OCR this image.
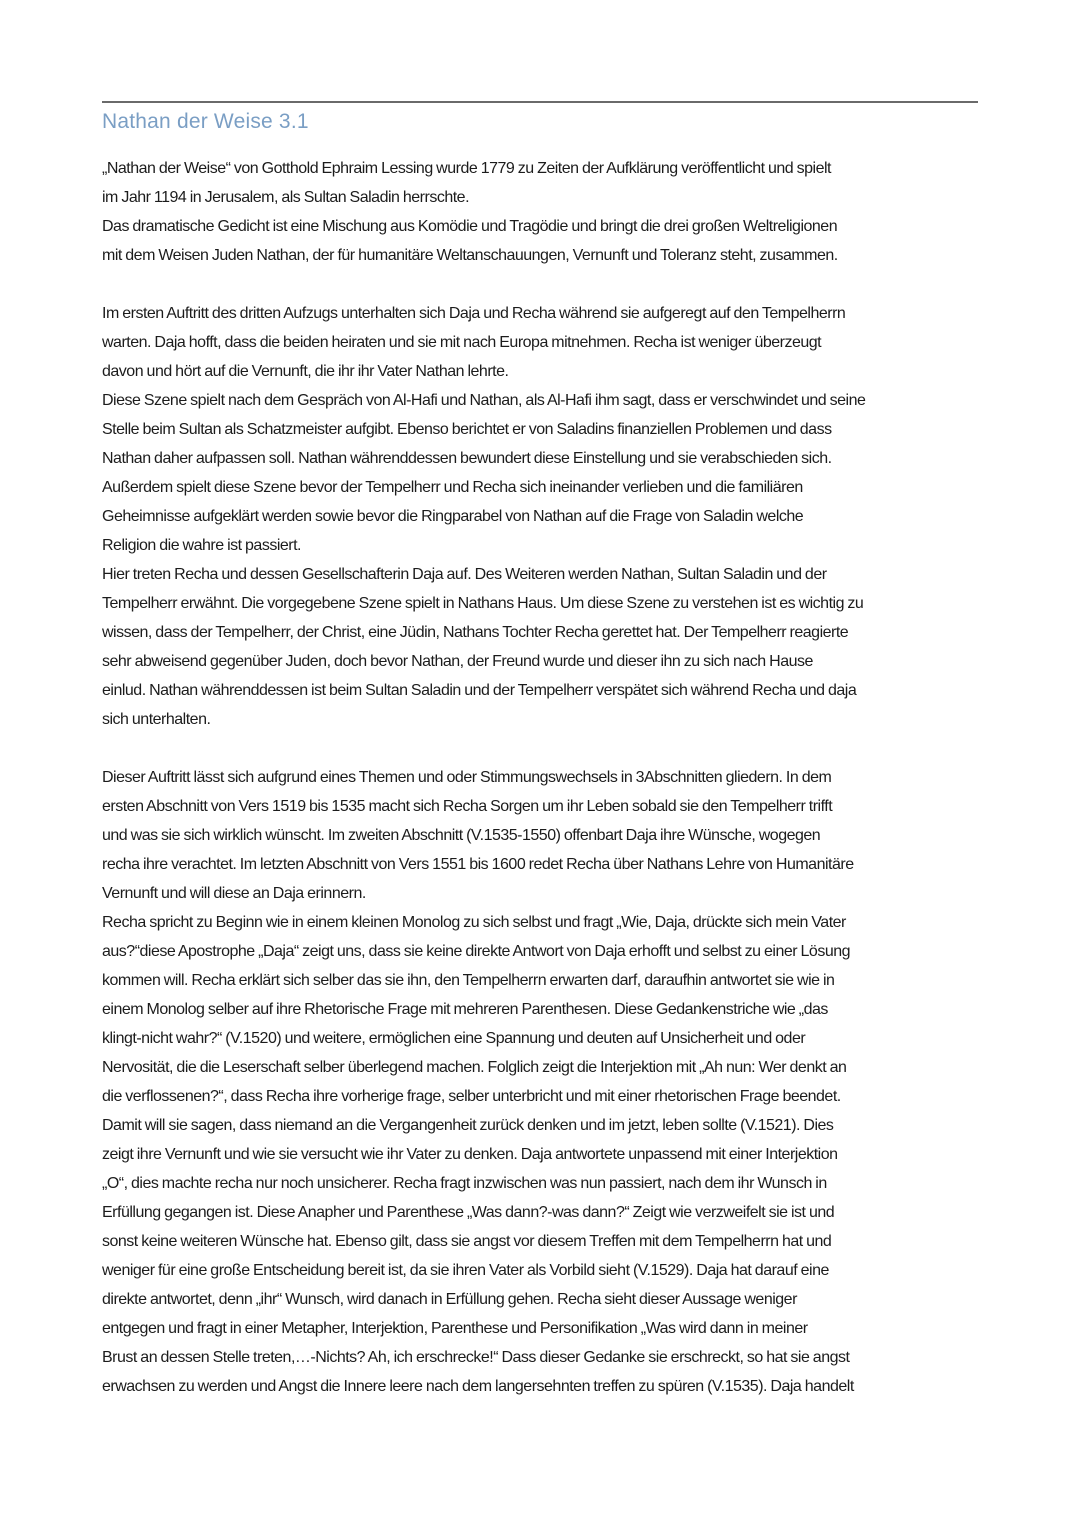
Nathan der Weise 3.1
„Nathan der Weise“ von Gotthold Ephraim Lessing wurde 1779 zu Zeiten der Aufklärung veröffentlicht und spielt
im Jahr 1194 in Jerusalem, als Sultan Saladin herrschte.
Das dramatische Gedicht ist eine Mischung aus Komödie und Tragödie und bringt die drei großen Weltreligionen
mit dem Weisen Juden Nathan, der für humanitäre Weltanschauungen, Vernunft und Toleranz steht, zusammen.
Im ersten Auftritt des dritten Aufzugs unterhalten sich Daja und Recha während sie aufgeregt auf den Tempelherrn
warten. Daja hofft, dass die beiden heiraten und sie mit nach Europa mitnehmen. Recha ist weniger überzeugt
davon und hört auf die Vernunft, die ihr ihr Vater Nathan lehrte.
Diese Szene spielt nach dem Gespräch von Al-Hafi und Nathan, als Al-Hafi ihm sagt, dass er verschwindet und seine
Stelle beim Sultan als Schatzmeister aufgibt. Ebenso berichtet er von Saladins finanziellen Problemen und dass
Nathan daher aufpassen soll. Nathan währenddessen bewundert diese Einstellung und sie verabschieden sich.
Außerdem spielt diese Szene bevor der Tempelherr und Recha sich ineinander verlieben und die familiären
Geheimnisse aufgeklärt werden sowie bevor die Ringparabel von Nathan auf die Frage von Saladin welche
Religion die wahre ist passiert.
Hier treten Recha und dessen Gesellschafterin Daja auf. Des Weiteren werden Nathan, Sultan Saladin und der
Tempelherr erwähnt. Die vorgegebene Szene spielt in Nathans Haus. Um diese Szene zu verstehen ist es wichtig zu
wissen, dass der Tempelherr, der Christ, eine Jüdin, Nathans Tochter Recha gerettet hat. Der Tempelherr reagierte
sehr abweisend gegenüber Juden, doch bevor Nathan, der Freund wurde und dieser ihn zu sich nach Hause
einlud. Nathan währenddessen ist beim Sultan Saladin und der Tempelherr verspätet sich während Recha und daja
sich unterhalten.
Dieser Auftritt lässt sich aufgrund eines Themen und oder Stimmungswechsels in 3Abschnitten gliedern. In dem
ersten Abschnitt von Vers 1519 bis 1535 macht sich Recha Sorgen um ihr Leben sobald sie den Tempelherr trifft
und was sie sich wirklich wünscht. Im zweiten Abschnitt (V.1535-1550) offenbart Daja ihre Wünsche, wogegen
recha ihre verachtet. Im letzten Abschnitt von Vers 1551 bis 1600 redet Recha über Nathans Lehre von Humanitäre
Vernunft und will diese an Daja erinnern.
Recha spricht zu Beginn wie in einem kleinen Monolog zu sich selbst und fragt „Wie, Daja, drückte sich mein Vater
aus?“diese Apostrophe „Daja“ zeigt uns, dass sie keine direkte Antwort von Daja erhofft und selbst zu einer Lösung
kommen will. Recha erklärt sich selber das sie ihn, den Tempelherrn erwarten darf, daraufhin antwortet sie wie in
einem Monolog selber auf ihre Rhetorische Frage mit mehreren Parenthesen. Diese Gedankenstriche wie „das
klingt-nicht wahr?“ (V.1520) und weitere, ermöglichen eine Spannung und deuten auf Unsicherheit und oder
Nervosität, die die Leserschaft selber überlegend machen. Folglich zeigt die Interjektion mit „Ah nun: Wer denkt an
die verflossenen?“, dass Recha ihre vorherige frage, selber unterbricht und mit einer rhetorischen Frage beendet.
Damit will sie sagen, dass niemand an die Vergangenheit zurück denken und im jetzt, leben sollte (V.1521). Dies
zeigt ihre Vernunft und wie sie versucht wie ihr Vater zu denken. Daja antwortete unpassend mit einer Interjektion
„O“, dies machte recha nur noch unsicherer. Recha fragt inzwischen was nun passiert, nach dem ihr Wunsch in
Erfüllung gegangen ist. Diese Anapher und Parenthese „Was dann?-was dann?“ Zeigt wie verzweifelt sie ist und
sonst keine weiteren Wünsche hat. Ebenso gilt, dass sie angst vor diesem Treffen mit dem Tempelherrn hat und
weniger für eine große Entscheidung bereit ist, da sie ihren Vater als Vorbild sieht (V.1529). Daja hat darauf eine
direkte antwortet, denn „ihr“ Wunsch, wird danach in Erfüllung gehen. Recha sieht dieser Aussage weniger
entgegen und fragt in einer Metapher, Interjektion, Parenthese und Personifikation „Was wird dann in meiner
Brust an dessen Stelle treten,…-Nichts? Ah, ich erschrecke!“ Dass dieser Gedanke sie erschreckt, so hat sie angst
erwachsen zu werden und Angst die Innere leere nach dem langersehnten treffen zu spüren (V.1535). Daja handelt
